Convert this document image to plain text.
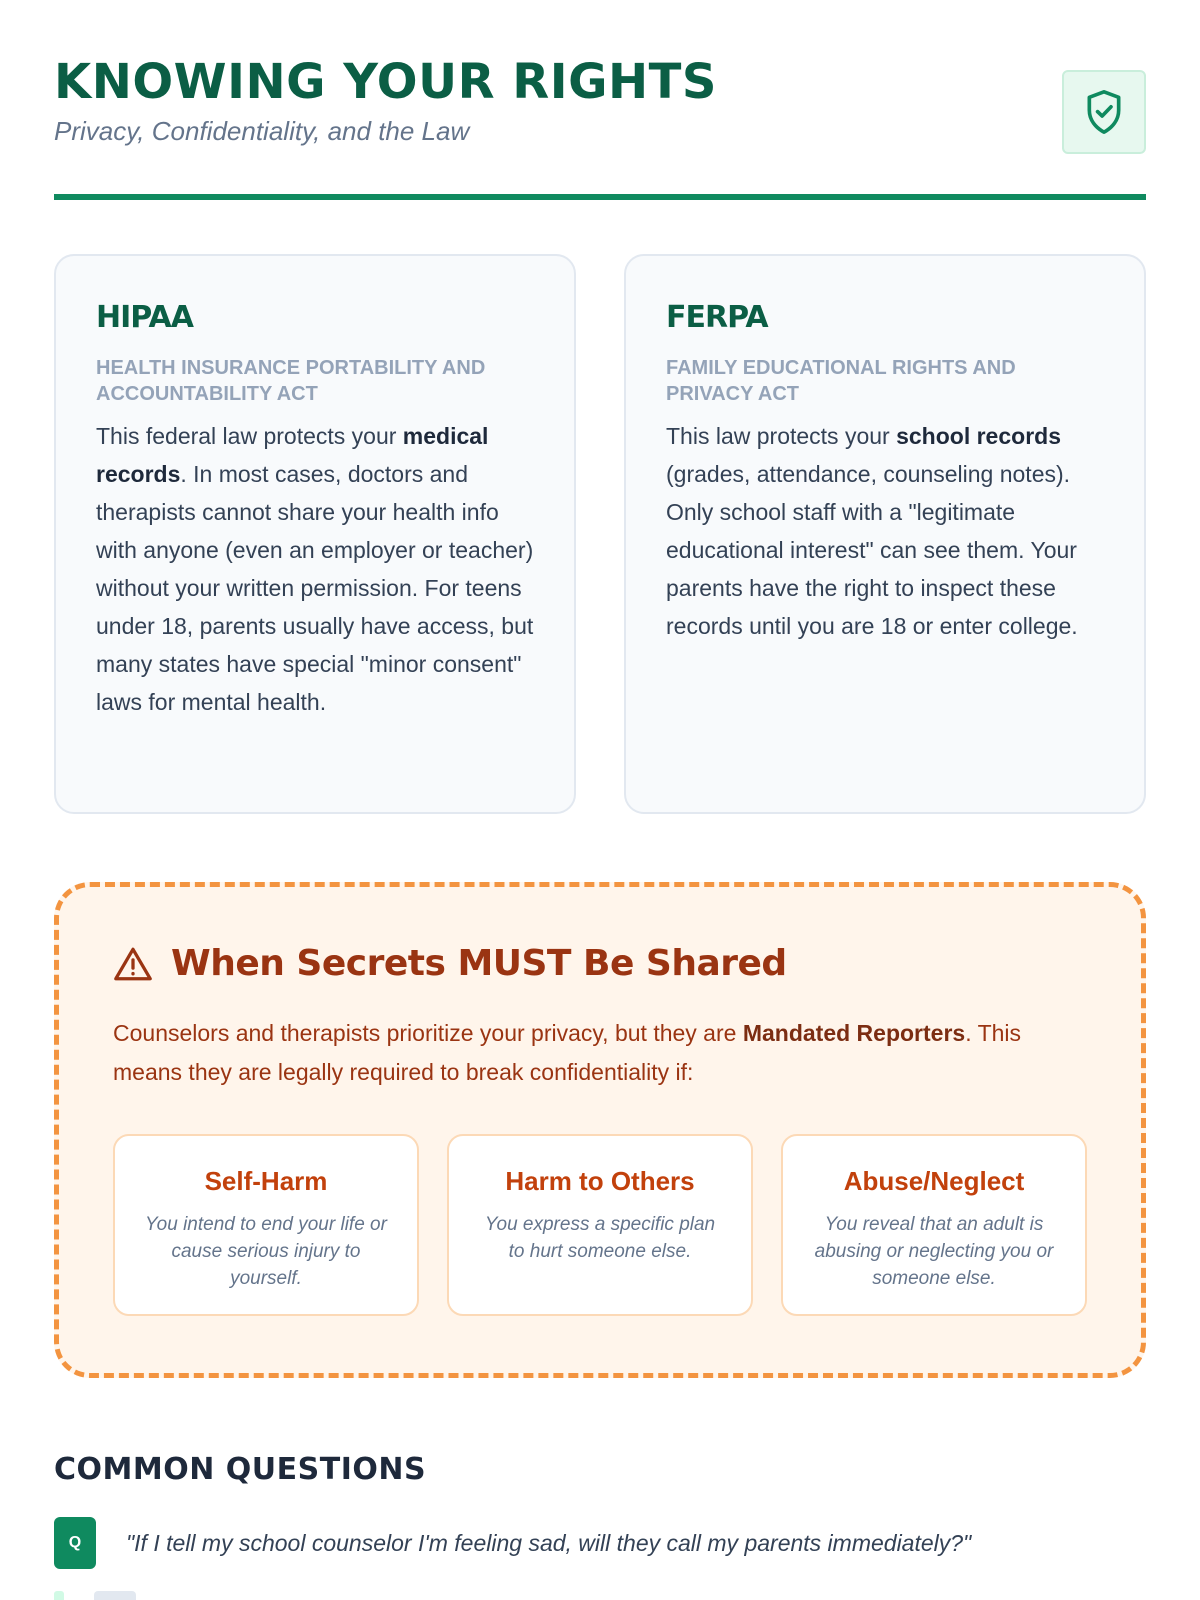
KNOWING YOUR RIGHTS
Privacy, Confidentiality, and the Law
HIPAA
HEALTH INSURANCE PORTABILITY AND ACCOUNTABILITY ACT

This federal law protects your medical records. In most cases, doctors and therapists cannot share your health info with anyone (even an employer or teacher) without your written permission. For teens under 18, parents usually have access, but many states have special "minor consent" laws for mental health.

FERPA
FAMILY EDUCATIONAL RIGHTS AND PRIVACY ACT

This law protects your school records (grades, attendance, counseling notes). Only school staff with a "legitimate educational interest" can see them. Your parents have the right to inspect these records until you are 18 or enter college.

When Secrets MUST Be Shared

Counselors and therapists prioritize your privacy, but they are Mandated Reporters. This means they are legally required to break confidentiality if:

Self-Harm
You intend to end your life or cause serious injury to yourself.
Harm to Others
You express a specific plan to hurt someone else.
Abuse/Neglect
You reveal that an adult is abusing or neglecting you or someone else.
COMMON QUESTIONS
Q	"If I tell my school counselor I'm feeling sad, will they call my parents immediately?"
